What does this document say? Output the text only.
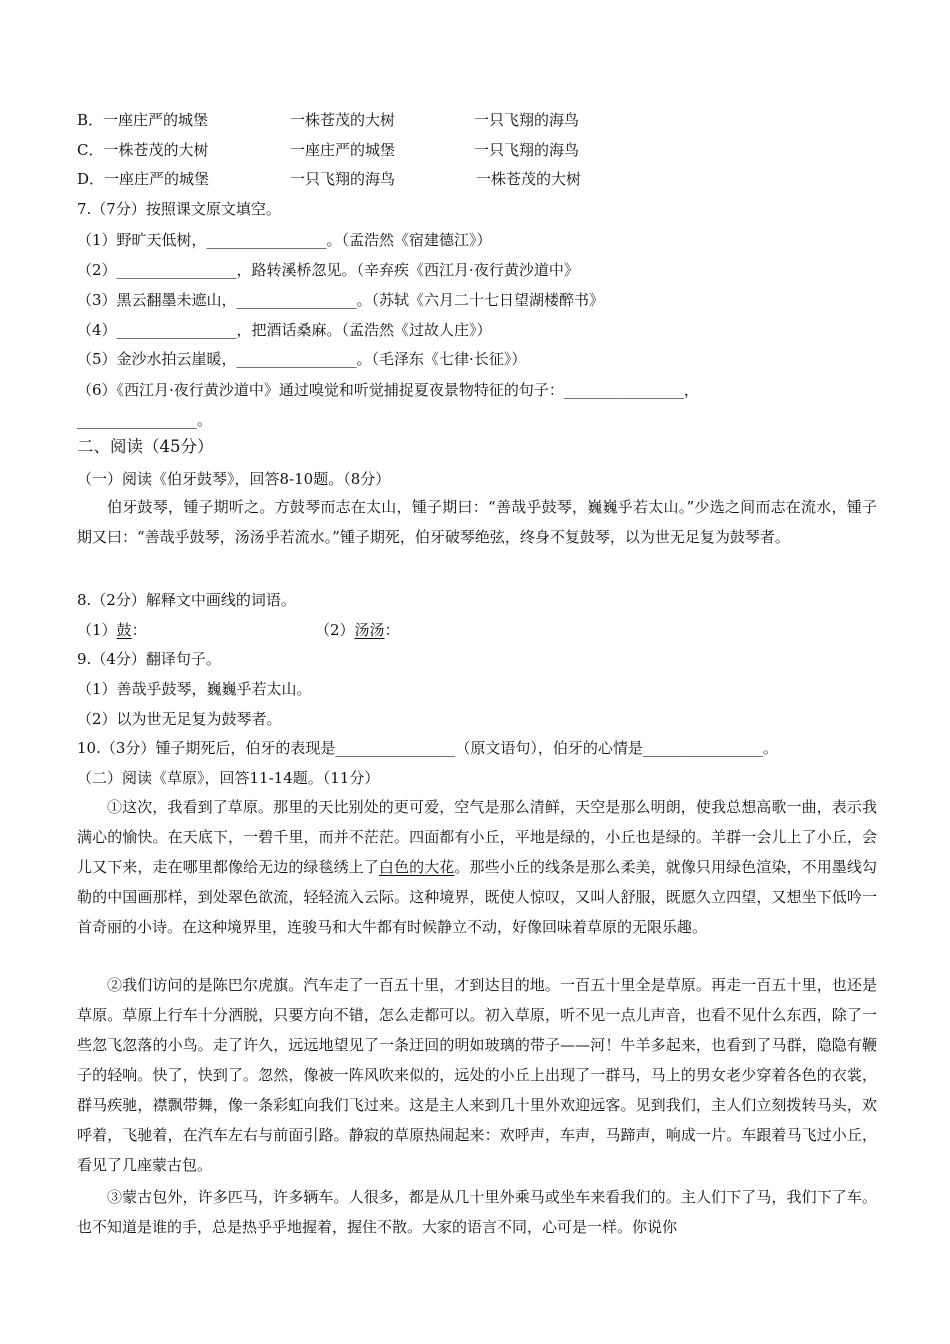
B．一座庄严的城堡	一株苍茂的大树	一只飞翔的海鸟
C．一株苍茂的大树	一座庄严的城堡	一只飞翔的海鸟
D．一座庄严的城堡	一只飞翔的海鸟	一株苍茂的大树
7.（7分）按照课文原文填空。
（1）野旷天低树，________________。（孟浩然《宿建德江》）
（2）________________，路转溪桥忽见。（辛弃疾《西江月·夜行黄沙道中》
（3）黑云翻墨未遮山，________________。（苏轼《六月二十七日望湖楼醉书》
（4）________________，把酒话桑麻。（孟浩然《过故人庄》）
（5）金沙水拍云崖暖，________________。（毛泽东《七律·长征》）
（6）《西江月·夜行黄沙道中》通过嗅觉和听觉捕捉夏夜景物特征的句子：________________，
________________。
二、阅读（45分）
（一）阅读《伯牙鼓琴》，回答8-10题。（8分）
伯牙鼓琴，锺子期听之。方鼓琴而志在太山，锺子期曰：“善哉乎鼓琴，巍巍乎若太山。”少选之间而志在流水，锺子期又曰：“善哉乎鼓琴，汤汤乎若流水。”锺子期死，伯牙破琴绝弦，终身不复鼓琴，以为世无足复为鼓琴者。
8.（2分）解释文中画线的词语。
（1）鼓：	（2）汤汤：
9.（4分）翻译句子。
（1）善哉乎鼓琴，巍巍乎若太山。
（2）以为世无足复为鼓琴者。
10.（3分）锺子期死后，伯牙的表现是________________（原文语句），伯牙的心情是________________。
（二）阅读《草原》，回答11-14题。（11分）
①这次，我看到了草原。那里的天比别处的更可爱，空气是那么清鲜，天空是那么明朗，使我总想高歌一曲，表示我满心的愉快。在天底下，一碧千里，而并不茫茫。四面都有小丘，平地是绿的，小丘也是绿的。羊群一会儿上了小丘，会儿又下来，走在哪里都像给无边的绿毯绣上了白色的大花。那些小丘的线条是那么柔美，就像只用绿色渲染，不用墨线勾勒的中国画那样，到处翠色欲流，轻轻流入云际。这种境界，既使人惊叹，又叫人舒服，既愿久立四望，又想坐下低吟一首奇丽的小诗。在这种境界里，连骏马和大牛都有时候静立不动，好像回味着草原的无限乐趣。
②我们访问的是陈巴尔虎旗。汽车走了一百五十里，才到达目的地。一百五十里全是草原。再走一百五十里，也还是草原。草原上行车十分洒脱，只要方向不错，怎么走都可以。初入草原，听不见一点儿声音，也看不见什么东西，除了一些忽飞忽落的小鸟。走了许久，远远地望见了一条迂回的明如玻璃的带子——河！牛羊多起来，也看到了马群，隐隐有鞭子的轻响。快了，快到了。忽然，像被一阵风吹来似的，远处的小丘上出现了一群马，马上的男女老少穿着各色的衣裳，群马疾驰，襟飘带舞，像一条彩虹向我们飞过来。这是主人来到几十里外欢迎远客。见到我们，主人们立刻拨转马头，欢呼着，飞驰着，在汽车左右与前面引路。静寂的草原热闹起来：欢呼声，车声，马蹄声，响成一片。车跟着马飞过小丘，看见了几座蒙古包。
③蒙古包外，许多匹马，许多辆车。人很多，都是从几十里外乘马或坐车来看我们的。主人们下了马，我们下了车。也不知道是谁的手，总是热乎乎地握着，握住不散。大家的语言不同，心可是一样。你说你
